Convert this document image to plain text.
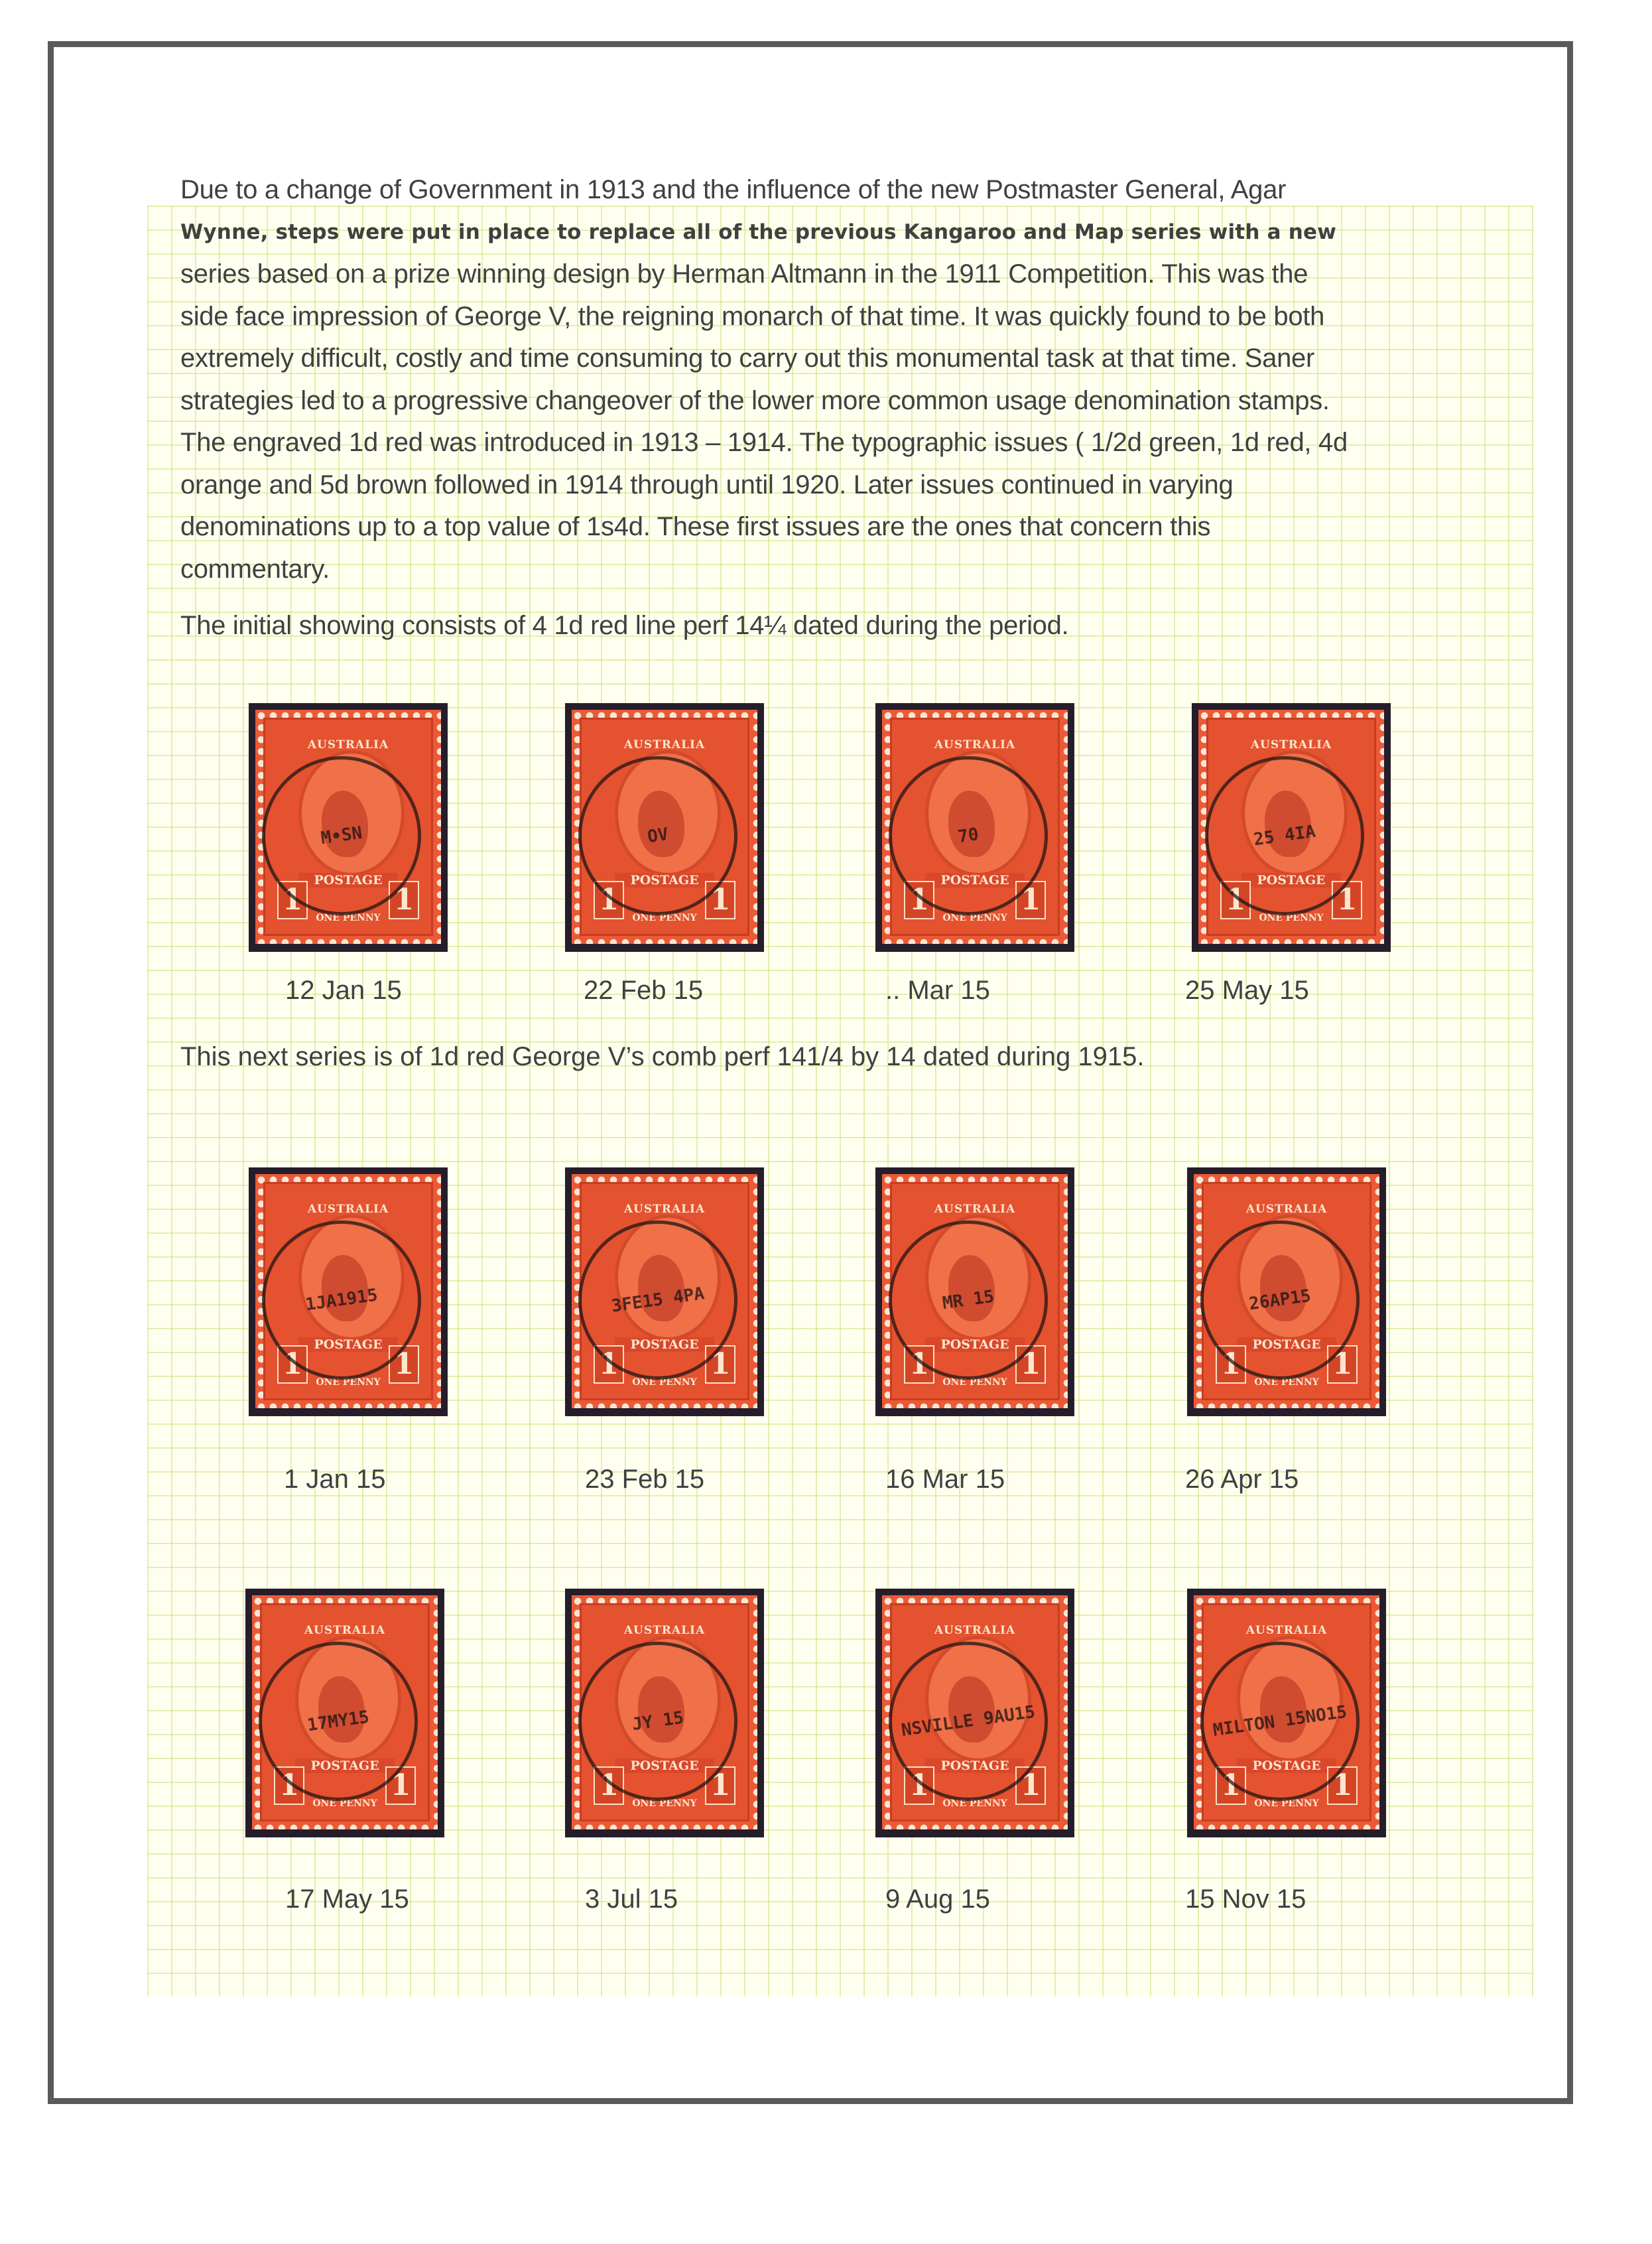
Due to a change of Government in 1913 and the influence of the new Postmaster General, Agar

Wynne, steps were put in place to replace all of the previous Kangaroo and Map series with a new

series based on a prize winning design by Herman Altmann in the 1911 Competition. This was the

side face impression of George V, the reigning monarch of that time. It was quickly found to be both

extremely difficult, costly and time consuming to carry out this monumental task at that time. Saner

strategies led to a progressive changeover of the lower more common usage denomination stamps.

The engraved 1d red was introduced in 1913 – 1914. The typographic issues ( 1/2d green, 1d red, 4d

orange and 5d brown followed in 1914 through until 1920. Later issues continued in varying

denominations up to a top value of 1s4d. These first issues are the ones that concern this

commentary.

The initial showing consists of 4 1d red line perf 14¼ dated during the period.

This next series is of 1d red George V’s comb perf 141/4 by 14 dated during 1915.
AUSTRALIA
POSTAGE
1	1
ONE PENNY
M•SN
12 Jan 15
AUSTRALIA
POSTAGE
1	1
ONE PENNY
OV
22 Feb 15
AUSTRALIA
POSTAGE
1	1
ONE PENNY
70
.. Mar 15
AUSTRALIA
POSTAGE
1	1
ONE PENNY
25 4IA
25 May 15
AUSTRALIA
POSTAGE
1	1
ONE PENNY
1JA1915
1 Jan 15
AUSTRALIA
POSTAGE
1	1
ONE PENNY
3FE15 4PA
23 Feb 15
AUSTRALIA
POSTAGE
1	1
ONE PENNY
MR 15
16 Mar 15
AUSTRALIA
POSTAGE
1	1
ONE PENNY
26AP15
26 Apr 15
AUSTRALIA
POSTAGE
1	1
ONE PENNY
17MY15
17 May 15
AUSTRALIA
POSTAGE
1	1
ONE PENNY
JY 15
3 Jul 15
AUSTRALIA
POSTAGE
1	1
ONE PENNY
NSVILLE 9AU15
9 Aug 15
AUSTRALIA
POSTAGE
1	1
ONE PENNY
MILTON 15NO15
15 Nov 15
